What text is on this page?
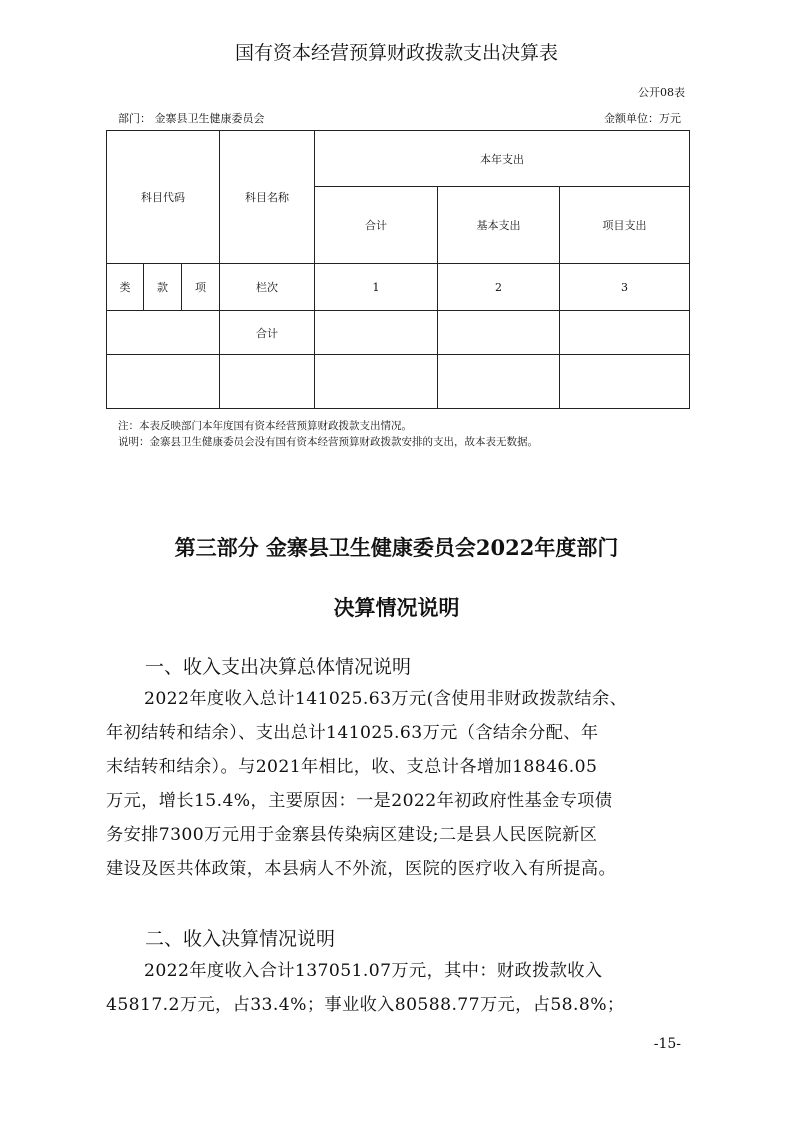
国有资本经营预算财政拨款支出决算表
公开08表
部门： 金寨县卫生健康委员会	金额单位：万元
科目代码			科目名称	本年支出		
				合计	基本支出	项目支出
类	款	项	栏次	1	2	3
			合计			

注：本表反映部门本年度国有资本经营预算财政拨款支出情况。
说明：金寨县卫生健康委员会没有国有资本经营预算财政拨款安排的支出，故本表无数据。
第三部分 金寨县卫生健康委员会2022年度部门
决算情况说明
一、收入支出决算总体情况说明
2022年度收入总计141025.63万元(含使用非财政拨款结余、
年初结转和结余）、支出总计141025.63万元（含结余分配、年
末结转和结余）。与2021年相比，收、支总计各增加18846.05
万元，增长15.4%，主要原因：一是2022年初政府性基金专项债
务安排7300万元用于金寨县传染病区建设;二是县人民医院新区
建设及医共体政策，本县病人不外流，医院的医疗收入有所提高。
二、收入决算情况说明
2022年度收入合计137051.07万元，其中：财政拨款收入
45817.2万元，占33.4%；事业收入80588.77万元，占58.8%；
-15-
